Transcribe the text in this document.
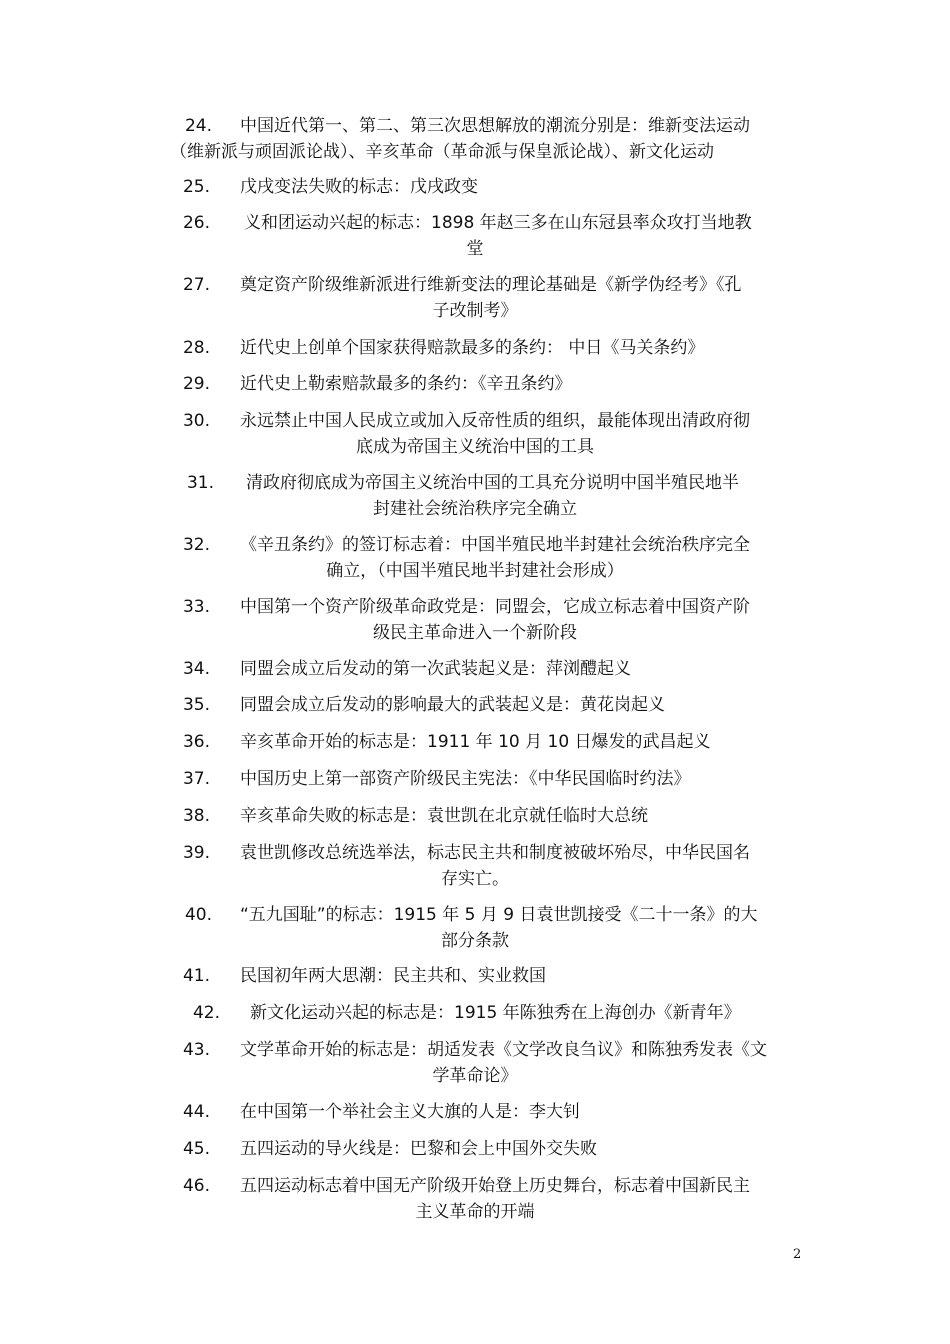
24. 中国近代第一、第二、第三次思想解放的潮流分别是：维新变法运动
（维新派与顽固派论战）、辛亥革命（革命派与保皇派论战）、新文化运动
25. 戊戌变法失败的标志：戊戌政变
26. 义和团运动兴起的标志：1898 年赵三多在山东冠县率众攻打当地教
堂
27. 奠定资产阶级维新派进行维新变法的理论基础是《新学伪经考》《孔
子改制考》
28. 近代史上创单个国家获得赔款最多的条约： 中日《马关条约》
29. 近代史上勒索赔款最多的条约：《辛丑条约》
30. 永远禁止中国人民成立或加入反帝性质的组织，最能体现出清政府彻
底成为帝国主义统治中国的工具
31. 清政府彻底成为帝国主义统治中国的工具充分说明中国半殖民地半
封建社会统治秩序完全确立
32. 《辛丑条约》的签订标志着：中国半殖民地半封建社会统治秩序完全
确立，（中国半殖民地半封建社会形成）
33. 中国第一个资产阶级革命政党是：同盟会，它成立标志着中国资产阶
级民主革命进入一个新阶段
34. 同盟会成立后发动的第一次武装起义是：萍浏醴起义
35. 同盟会成立后发动的影响最大的武装起义是：黄花岗起义
36. 辛亥革命开始的标志是：1911 年 10 月 10 日爆发的武昌起义
37. 中国历史上第一部资产阶级民主宪法：《中华民国临时约法》
38. 辛亥革命失败的标志是：袁世凯在北京就任临时大总统
39. 袁世凯修改总统选举法，标志民主共和制度被破坏殆尽，中华民国名
存实亡。
40. “五九国耻”的标志：1915 年 5 月 9 日袁世凯接受《二十一条》的大
部分条款
41. 民国初年两大思潮：民主共和、实业救国
42. 新文化运动兴起的标志是：1915 年陈独秀在上海创办《新青年》
43. 文学革命开始的标志是：胡适发表《文学改良刍议》和陈独秀发表《文
学革命论》
44. 在中国第一个举社会主义大旗的人是：李大钊
45. 五四运动的导火线是：巴黎和会上中国外交失败
46. 五四运动标志着中国无产阶级开始登上历史舞台，标志着中国新民主
主义革命的开端
2
